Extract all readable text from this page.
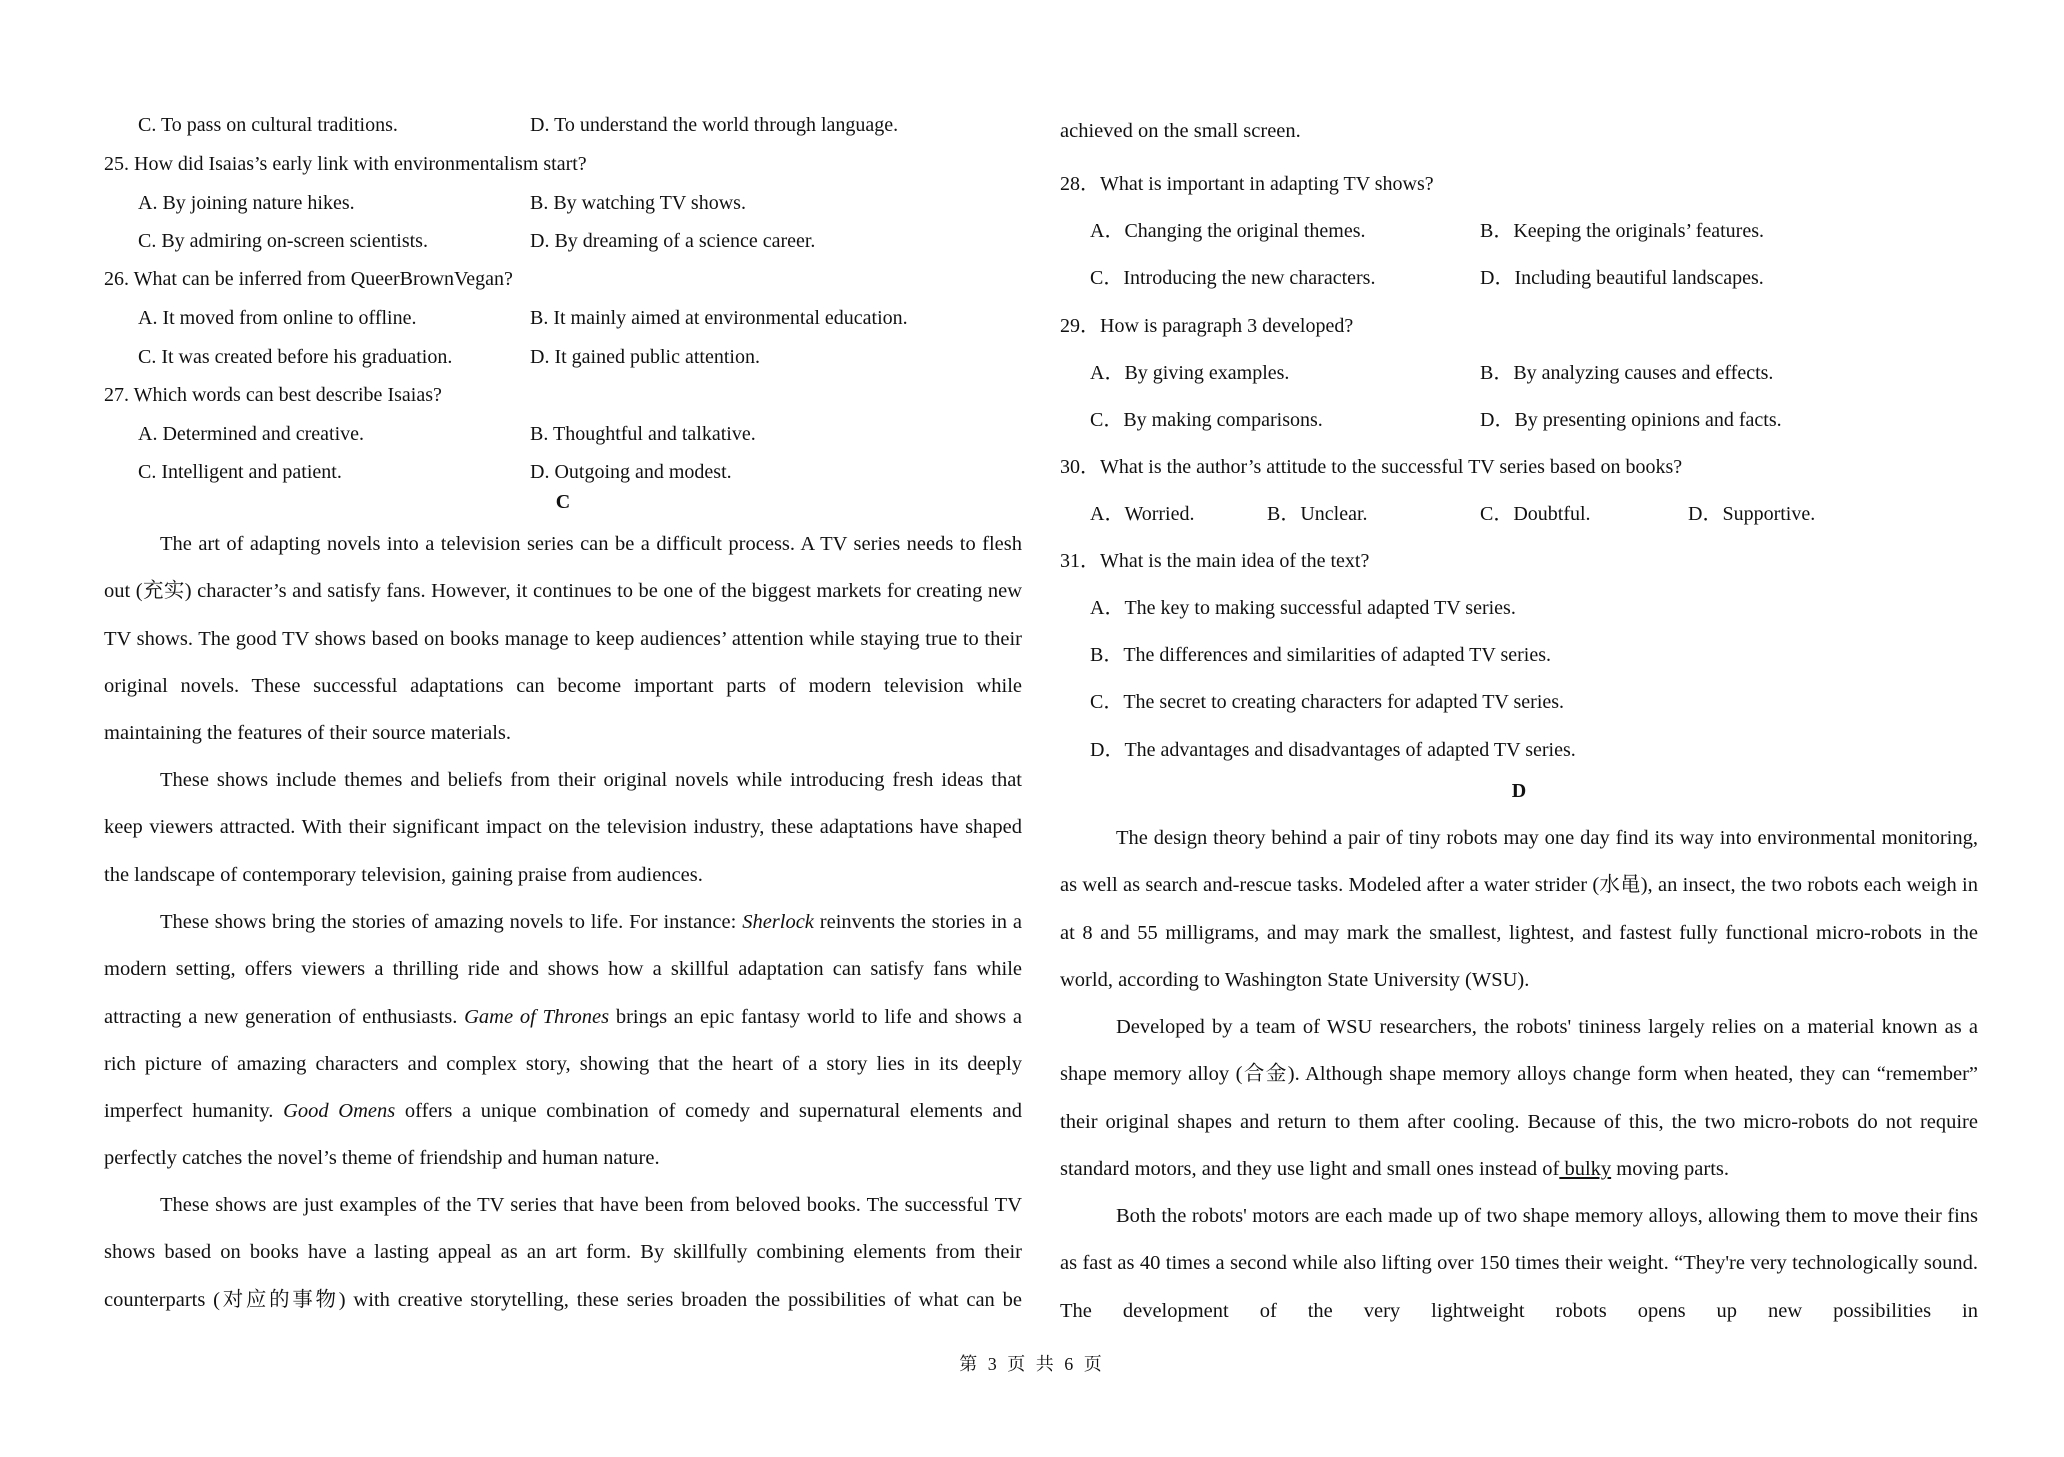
C. To pass on cultural traditions.	D. To understand the world through language.
25. How did Isaias’s early link with environmentalism start?
A. By joining nature hikes.	B. By watching TV shows.
C. By admiring on-screen scientists.	D. By dreaming of a science career.
26. What can be inferred from QueerBrownVegan?
A. It moved from online to offline.	B. It mainly aimed at environmental education.
C. It was created before his graduation.	D. It gained public attention.
27. Which words can best describe Isaias?
A. Determined and creative.	B. Thoughtful and talkative.
C. Intelligent and patient.	D. Outgoing and modest.
C
The art of adapting novels into a television series can be a difficult process. A TV series needs to flesh out (充实) character’s and satisfy fans. However, it continues to be one of the biggest markets for creating new TV shows. The good TV shows based on books manage to keep audiences’ attention while staying true to their original novels. These successful adaptations can become important parts of modern television while maintaining the features of their source materials.
These shows include themes and beliefs from their original novels while introducing fresh ideas that keep viewers attracted. With their significant impact on the television industry, these adaptations have shaped the landscape of contemporary television, gaining praise from audiences.
These shows bring the stories of amazing novels to life. For instance: Sherlock reinvents the stories in a modern setting, offers viewers a thrilling ride and shows how a skillful adaptation can satisfy fans while attracting a new generation of enthusiasts. Game of Thrones brings an epic fantasy world to life and shows a rich picture of amazing characters and complex story, showing that the heart of a story lies in its deeply imperfect humanity. Good Omens offers a unique combination of comedy and supernatural elements and perfectly catches the novel’s theme of friendship and human nature.
These shows are just examples of the TV series that have been from beloved books. The successful TV shows based on books have a lasting appeal as an art form. By skillfully combining elements from their counterparts (对应的事物) with creative storytelling, these series broaden the possibilities of what can be
achieved on the small screen.
28．What is important in adapting TV shows?
A．Changing the original themes.	B．Keeping the originals’ features.
C．Introducing the new characters.	D．Including beautiful landscapes.
29．How is paragraph 3 developed?
A．By giving examples.	B．By analyzing causes and effects.
C．By making comparisons.	D．By presenting opinions and facts.
30．What is the author’s attitude to the successful TV series based on books?
A．Worried.	B．Unclear.	C．Doubtful.	D．Supportive.
31．What is the main idea of the text?
A．The key to making successful adapted TV series.
B．The differences and similarities of adapted TV series.
C．The secret to creating characters for adapted TV series.
D．The advantages and disadvantages of adapted TV series.
D
The design theory behind a pair of tiny robots may one day find its way into environmental monitoring, as well as search and-rescue tasks. Modeled after a water strider (水黾), an insect, the two robots each weigh in at 8 and 55 milligrams, and may mark the smallest, lightest, and fastest fully functional micro-robots in the world, according to Washington State University (WSU).
Developed by a team of WSU researchers, the robots' tininess largely relies on a material known as a shape memory alloy (合金). Although shape memory alloys change form when heated, they can “remember” their original shapes and return to them after cooling. Because of this, the two micro-robots do not require standard motors, and they use light and small ones instead of bulky moving parts.
Both the robots' motors are each made up of two shape memory alloys, allowing them to move their fins as fast as 40 times a second while also lifting over 150 times their weight. “They're very technologically sound. The development of the very lightweight robots opens up new possibilities in
第 3 页 共 6 页
